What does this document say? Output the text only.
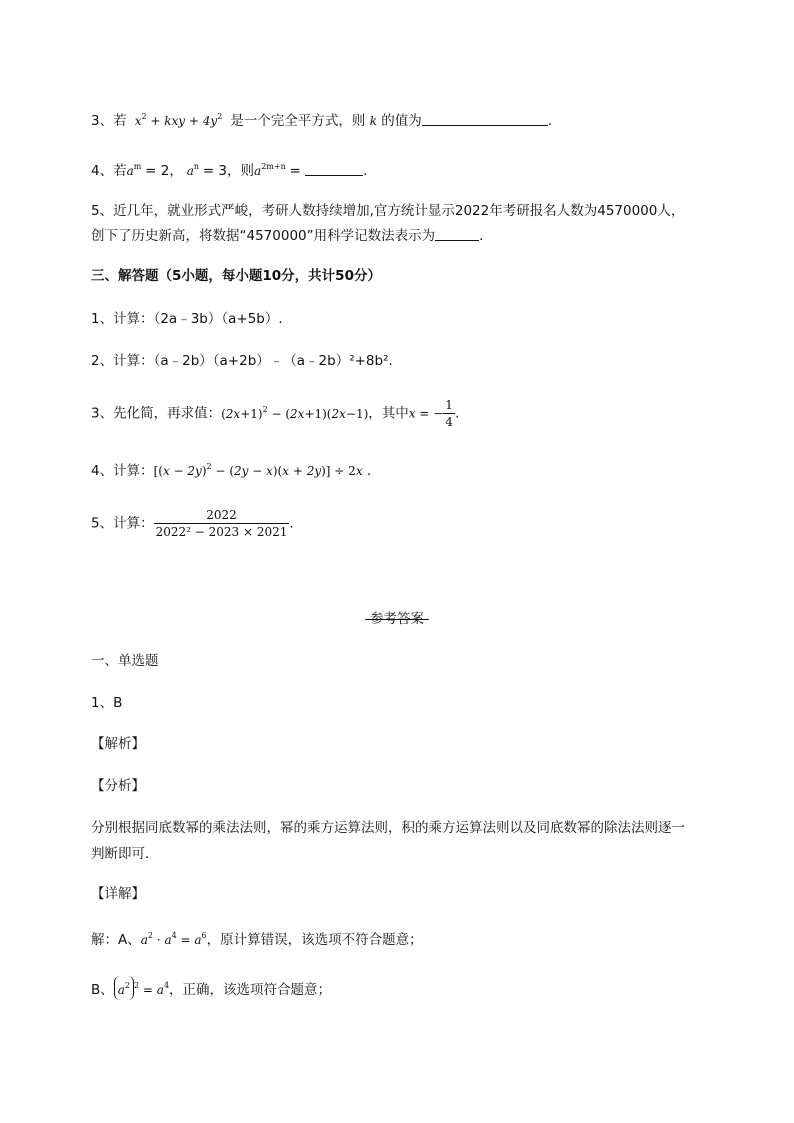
3、若  $x^2$ + kxy + $4y^2$ 是一个完全平方式，则 k 的值为	.
4、若$a^m = 2$， $a^n = 3$，则$a^{2m+n}$ =	.
5、近几年，就业形式严峻，考研人数持续增加,官方统计显示2022年考研报名人数为4570000人，
创下了历史新高，将数据“4570000”用科学记数法表示为	.
三、解答题（5小题，每小题10分，共计50分）
1、计算：（2a﹣3b）（a+5b）.
2、计算：（a﹣2b）（a+2b）﹣（a﹣2b）²+8b².
3、先化简，再求值：$(2x+1)^2 - (2x+1)(2x-1)$，其中x = − $\frac{1}{4}$ .
4、计算：$[(x - 2y)^2 - (2y - x)(x + 2y)] \div 2x$ .
5、计算： $\frac{2022}{\text{2022² − 2023 × 2021}}$ .
-参考答案-
一、单选题
1、B
【解析】
【分析】
分别根据同底数幂的乘法法则，幂的乘方运算法则，积的乘方运算法则以及同底数幂的除法法则逐一
判断即可．
【详解】
解：A、$a^2 \cdot a^4 = a^6$，原计算错误，该选项不符合题意；
B、 $a^2$ $^2 = a^4$，正确，该选项符合题意；
